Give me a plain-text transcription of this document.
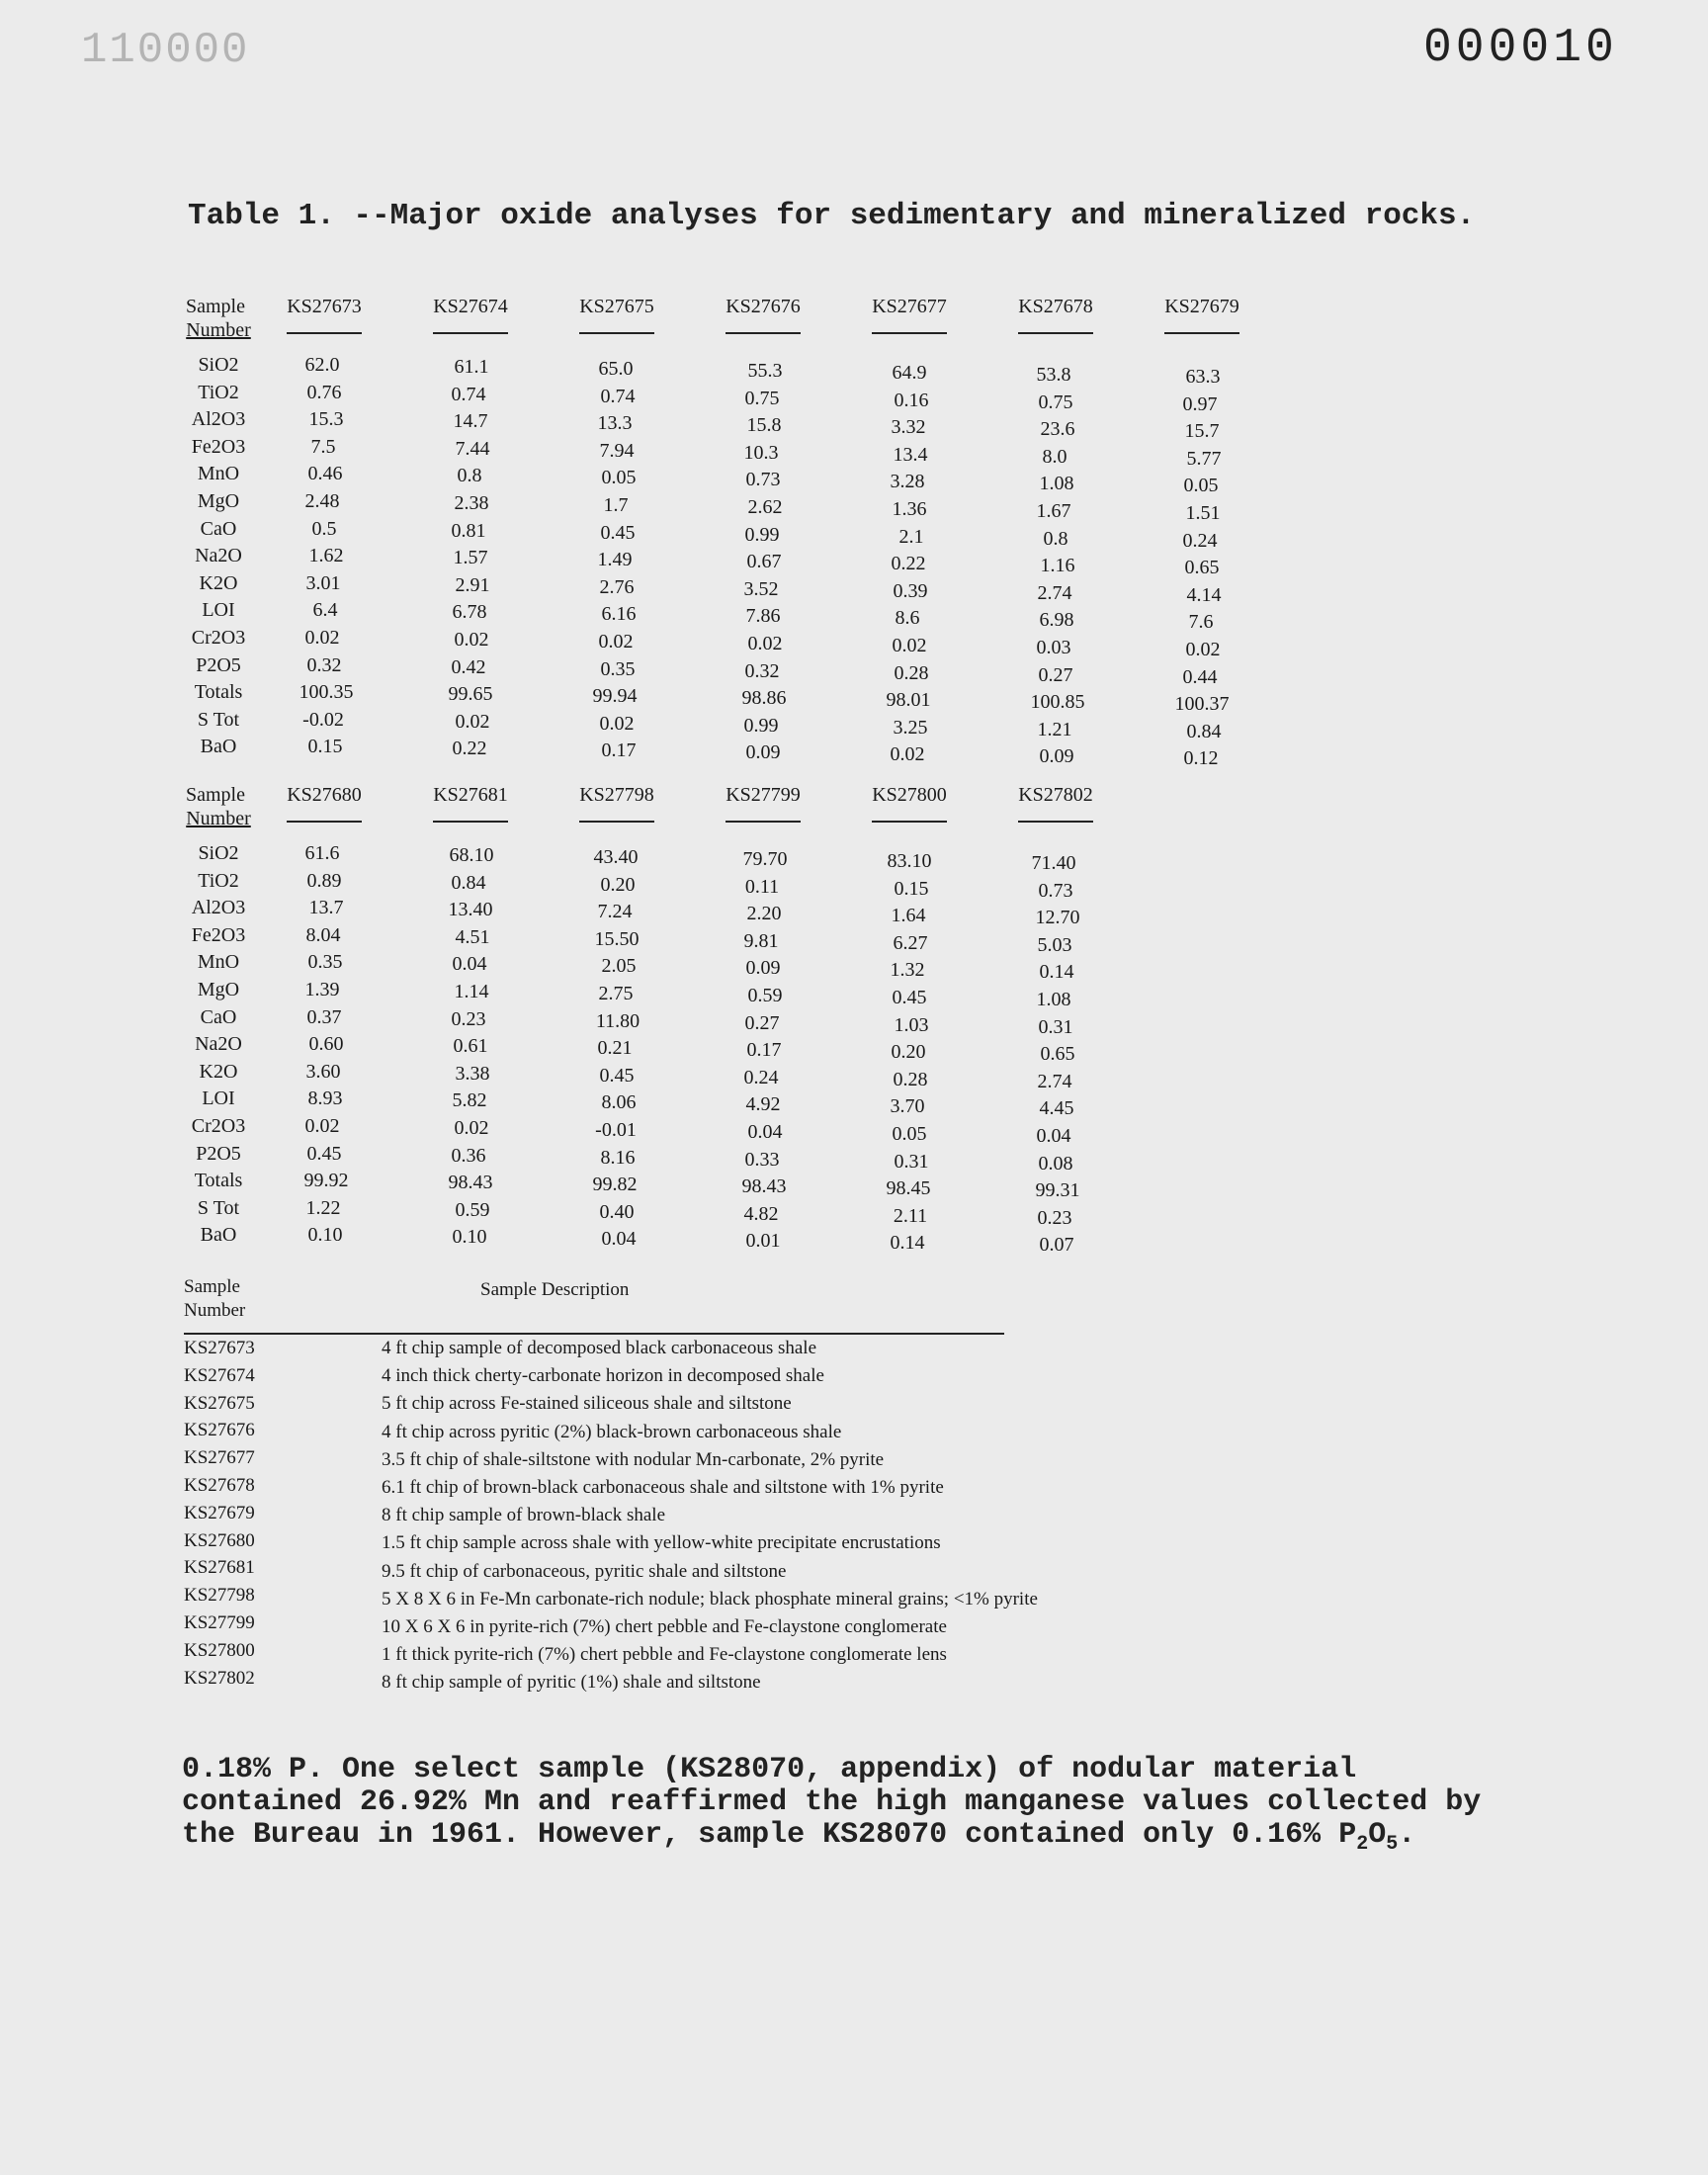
110000	000010
Table 1. --Major oxide analyses for sedimentary and mineralized rocks.
Sample
Number	KS27673	KS27674	KS27675	KS27676	KS27677	KS27678	KS27679
SiO2	62.0	61.1	65.0	55.3	64.9	53.8	63.3
TiO2	0.76	0.74	0.74	0.75	0.16	0.75	0.97
Al2O3	15.3	14.7	13.3	15.8	3.32	23.6	15.7
Fe2O3	7.5	7.44	7.94	10.3	13.4	8.0	5.77
MnO	0.46	0.8	0.05	0.73	3.28	1.08	0.05
MgO	2.48	2.38	1.7	2.62	1.36	1.67	1.51
CaO	0.5	0.81	0.45	0.99	2.1	0.8	0.24
Na2O	1.62	1.57	1.49	0.67	0.22	1.16	0.65
K2O	3.01	2.91	2.76	3.52	0.39	2.74	4.14
LOI	6.4	6.78	6.16	7.86	8.6	6.98	7.6
Cr2O3	0.02	0.02	0.02	0.02	0.02	0.03	0.02
P2O5	0.32	0.42	0.35	0.32	0.28	0.27	0.44
Totals	100.35	99.65	99.94	98.86	98.01	100.85	100.37
S Tot	-0.02	0.02	0.02	0.99	3.25	1.21	0.84
BaO	0.15	0.22	0.17	0.09	0.02	0.09	0.12
Sample
Number	KS27680	KS27681	KS27798	KS27799	KS27800	KS27802
SiO2	61.6	68.10	43.40	79.70	83.10	71.40
TiO2	0.89	0.84	0.20	0.11	0.15	0.73
Al2O3	13.7	13.40	7.24	2.20	1.64	12.70
Fe2O3	8.04	4.51	15.50	9.81	6.27	5.03
MnO	0.35	0.04	2.05	0.09	1.32	0.14
MgO	1.39	1.14	2.75	0.59	0.45	1.08
CaO	0.37	0.23	11.80	0.27	1.03	0.31
Na2O	0.60	0.61	0.21	0.17	0.20	0.65
K2O	3.60	3.38	0.45	0.24	0.28	2.74
LOI	8.93	5.82	8.06	4.92	3.70	4.45
Cr2O3	0.02	0.02	-0.01	0.04	0.05	0.04
P2O5	0.45	0.36	8.16	0.33	0.31	0.08
Totals	99.92	98.43	99.82	98.43	98.45	99.31
S Tot	1.22	0.59	0.40	4.82	2.11	0.23
BaO	0.10	0.10	0.04	0.01	0.14	0.07
Sample
Number
Sample Description
KS27673	4 ft chip sample of decomposed black carbonaceous shale
KS27674	4 inch thick cherty-carbonate horizon in decomposed shale
KS27675	5 ft chip across Fe-stained siliceous shale and siltstone
KS27676	4 ft chip across pyritic (2%) black-brown carbonaceous shale
KS27677	3.5 ft chip of shale-siltstone with nodular Mn-carbonate, 2% pyrite
KS27678	6.1 ft chip of brown-black carbonaceous shale and siltstone with 1% pyrite
KS27679	8 ft chip sample of brown-black shale
KS27680	1.5 ft chip sample across shale with yellow-white precipitate encrustations
KS27681	9.5 ft chip of carbonaceous, pyritic shale and siltstone
KS27798	5 X 8 X 6 in Fe-Mn carbonate-rich nodule; black phosphate mineral grains; <1% pyrite
KS27799	10 X 6 X 6 in pyrite-rich (7%) chert pebble and Fe-claystone conglomerate
KS27800	1 ft thick pyrite-rich (7%) chert pebble and Fe-claystone conglomerate lens
KS27802	8 ft chip sample of pyritic (1%) shale and siltstone
0.18% P. One select sample (KS28070, appendix) of nodular material contained 26.92% Mn and reaffirmed the high manganese values collected by the Bureau in 1961. However, sample KS28070 contained only 0.16% $P_2O_5$.
